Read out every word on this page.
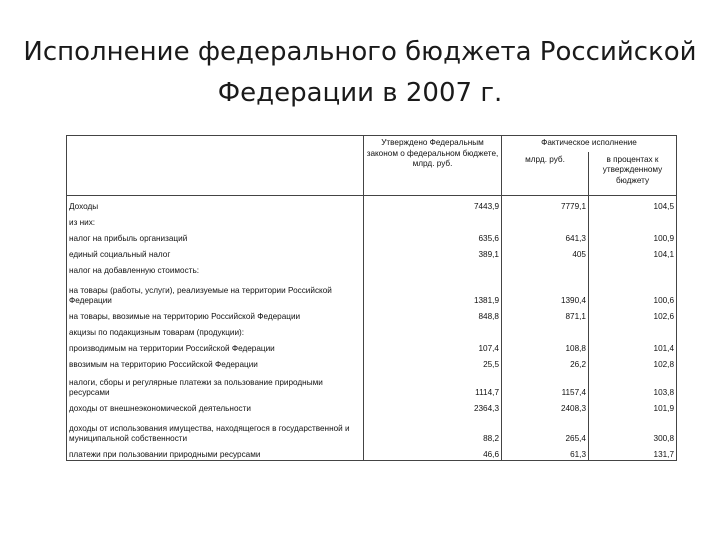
Исполнение федерального бюджета Российской
Федерации в 2007 г.
	Утверждено Федеральным законом о федеральном бюджете, млрд. руб.	Фактическое исполнение	
		млрд. руб.	в процентах к утвержденному бюджету
Доходы	7443,9	7779,1	104,5
из них:			
налог на прибыль организаций	635,6	641,3	100,9
единый социальный налог	389,1	405	104,1
налог на добавленную стоимость:			
на товары (работы, услуги), реализуемые на территории Российской Федерации	1381,9	1390,4	100,6
на товары, ввозимые на территорию Российской Федерации	848,8	871,1	102,6
акцизы по подакцизным товарам (продукции):			
производимым на территории Российской Федерации	107,4	108,8	101,4
ввозимым на территорию Российской Федерации	25,5	26,2	102,8
налоги, сборы и регулярные платежи за пользование природными ресурсами	1114,7	1157,4	103,8
доходы от внешнеэкономической деятельности	2364,3	2408,3	101,9
доходы от использования имущества, находящегося в государственной и муниципальной собственности	88,2	265,4	300,8
платежи при пользовании природными ресурсами	46,6	61,3	131,7
